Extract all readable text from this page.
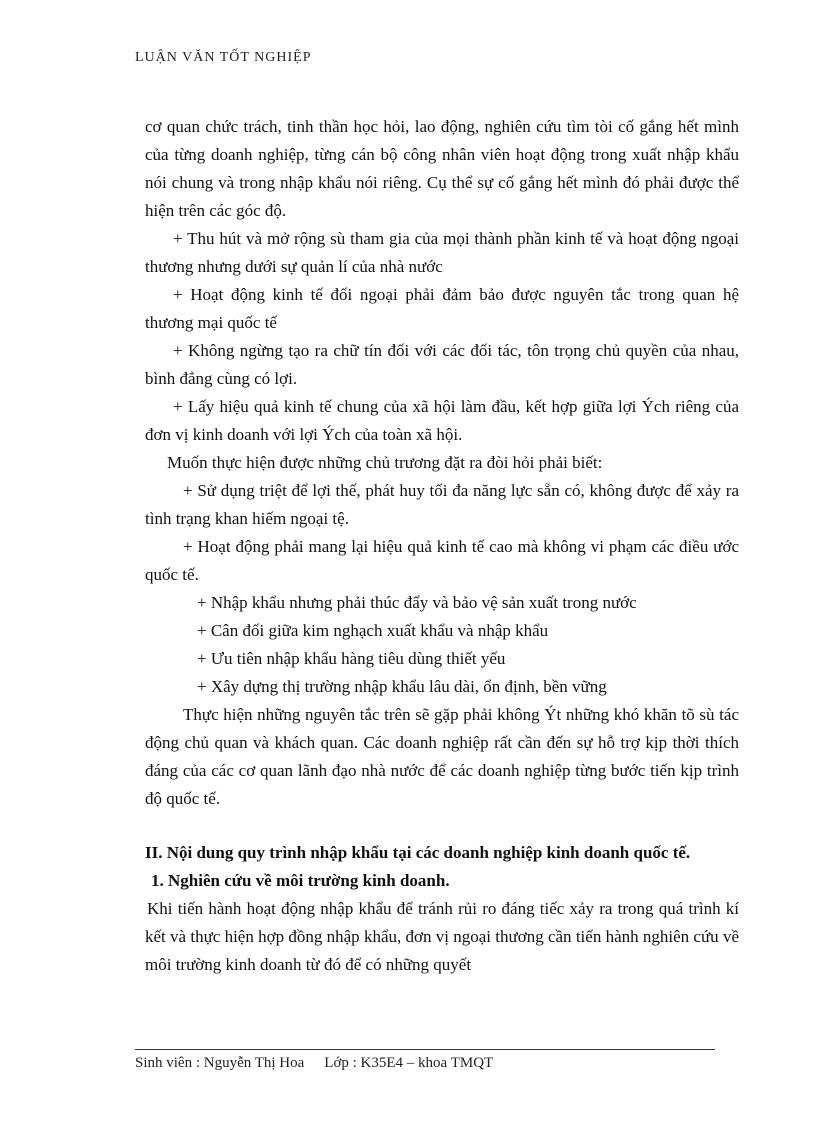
LUẬN VĂN TỐT NGHIỆP

cơ quan chức trách, tinh thần học hỏi, lao động, nghiên cứu tìm tòi cố gắng hết mình của từng doanh nghiệp, từng cán bộ công nhân viên hoạt động trong xuất nhập khẩu nói chung và trong nhập khẩu nói riêng. Cụ thể sự cố gắng hết mình đó phải được thể hiện trên các góc độ.

+ Thu hút và mở rộng sù tham gia của mọi thành phần kinh tế và hoạt động ngoại thương nhưng dưới sự quản lí của nhà nước

+ Hoạt động kinh tế đối ngoại phải đảm bảo được nguyên tắc trong quan hệ thương mại quốc tế

+ Không ngừng tạo ra chữ tín đối với các đối tác, tôn trọng chủ quyền của nhau, bình đẳng cùng có lợi.

+ Lấy hiệu quả kinh tế chung của xã hội làm đầu, kết hợp giữa lợi Ých riêng của đơn vị kinh doanh với lợi Ých của toàn xã hội.

Muốn thực hiện được những chủ trương đặt ra đòi hỏi phải biết:

+ Sử dụng triệt để lợi thế, phát huy tối đa năng lực sẵn có, không được để xảy ra tình trạng khan hiếm ngoại tệ.

+ Hoạt động phải mang lại hiệu quả kinh tế cao mà không vi phạm các điều ước quốc tế.

+ Nhập khẩu nhưng phải thúc đẩy và bảo vệ sản xuất trong nước

+ Cân đối giữa kim nghạch xuất khẩu và nhập khẩu

+ Ưu tiên nhập khẩu hàng tiêu dùng thiết yếu

+ Xây dựng thị trường nhập khẩu lâu dài, ổn định, bền vững

Thực hiện những nguyên tắc trên sẽ gặp phải không Ýt những khó khăn tõ sù tác động chủ quan và khách quan. Các doanh nghiệp rất cần đến sự hỗ trợ kịp thời thích đáng của các cơ quan lãnh đạo nhà nước để các doanh nghiệp từng bước tiến kịp trình độ quốc tế.

II. Nội dung quy trình nhập khẩu tại các doanh nghiệp kinh doanh quốc tế.

1. Nghiên cứu về môi trường kinh doanh.

Khi tiến hành hoạt động nhập khẩu để tránh rủi ro đáng tiếc xảy ra trong quá trình kí kết và thực hiện hợp đồng nhập khẩu, đơn vị ngoại thương cần tiến hành nghiên cứu về môi trường kinh doanh từ đó để có những quyết

Sinh viên : Nguyễn Thị Hoa Lớp : K35E4 – khoa TMQT
